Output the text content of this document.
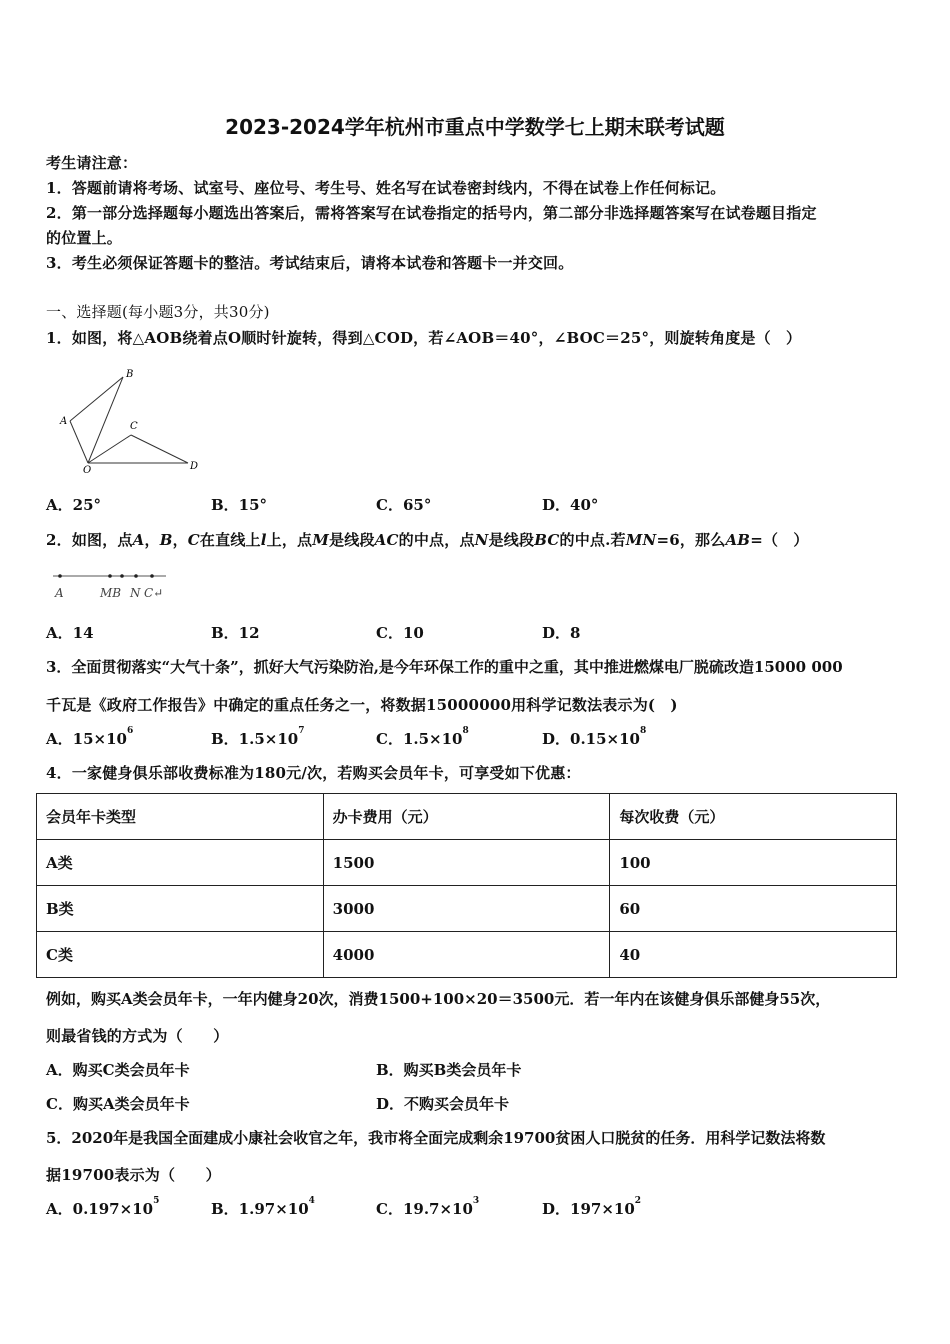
2023-2024学年杭州市重点中学数学七上期末联考试题
考生请注意：
1．答题前请将考场、试室号、座位号、考生号、姓名写在试卷密封线内，不得在试卷上作任何标记。
2．第一部分选择题每小题选出答案后，需将答案写在试卷指定的括号内，第二部分非选择题答案写在试卷题目指定
的位置上。
3．考生必须保证答题卡的整洁。考试结束后，请将本试卷和答题卡一并交回。
一、选择题(每小题3分，共30分)
1．如图，将△AOB绕着点O顺时针旋转，得到△COD，若∠AOB＝40°，∠BOC＝25°，则旋转角度是（　）
A
B
C
O	D
A．25°	B．15°	C．65°	D．40°
2．如图，点A，B，C在直线上l上，点M是线段AC的中点，点N是线段BC的中点.若MN=6，那么AB=（　）
A	MB N C↵
A．14	B．12	C．10	D．8
3．全面贯彻落实“大气十条”，抓好大气污染防治,是今年环保工作的重中之重，其中推进燃煤电厂脱硫改造15000 000
千瓦是《政府工作报告》中确定的重点任务之一，将数据15000000用科学记数法表示为(　)
A．$15\times 10^6$	B．$1.5\times 10^7$	C．$1.5\times 10^8$	D．$0.15\times 10^8$
4．一家健身俱乐部收费标准为180元/次，若购买会员年卡，可享受如下优惠：
会员年卡类型	办卡费用（元）	每次收费（元）
A类	1500	100
B类	3000	60
C类	4000	40
例如，购买A类会员年卡，一年内健身20次，消费1500+100×20＝3500元．若一年内在该健身俱乐部健身55次，
则最省钱的方式为（　　）
A．购买C类会员年卡	B．购买B类会员年卡
C．购买A类会员年卡	D．不购买会员年卡
5．2020年是我国全面建成小康社会收官之年，我市将全面完成剩余19700贫困人口脱贫的任务．用科学记数法将数
据19700表示为（　　）
A．$0.197\times 10^5$	B．$1.97\times 10^4$	C．$19.7\times 10^3$	D．$197\times 10^2$
